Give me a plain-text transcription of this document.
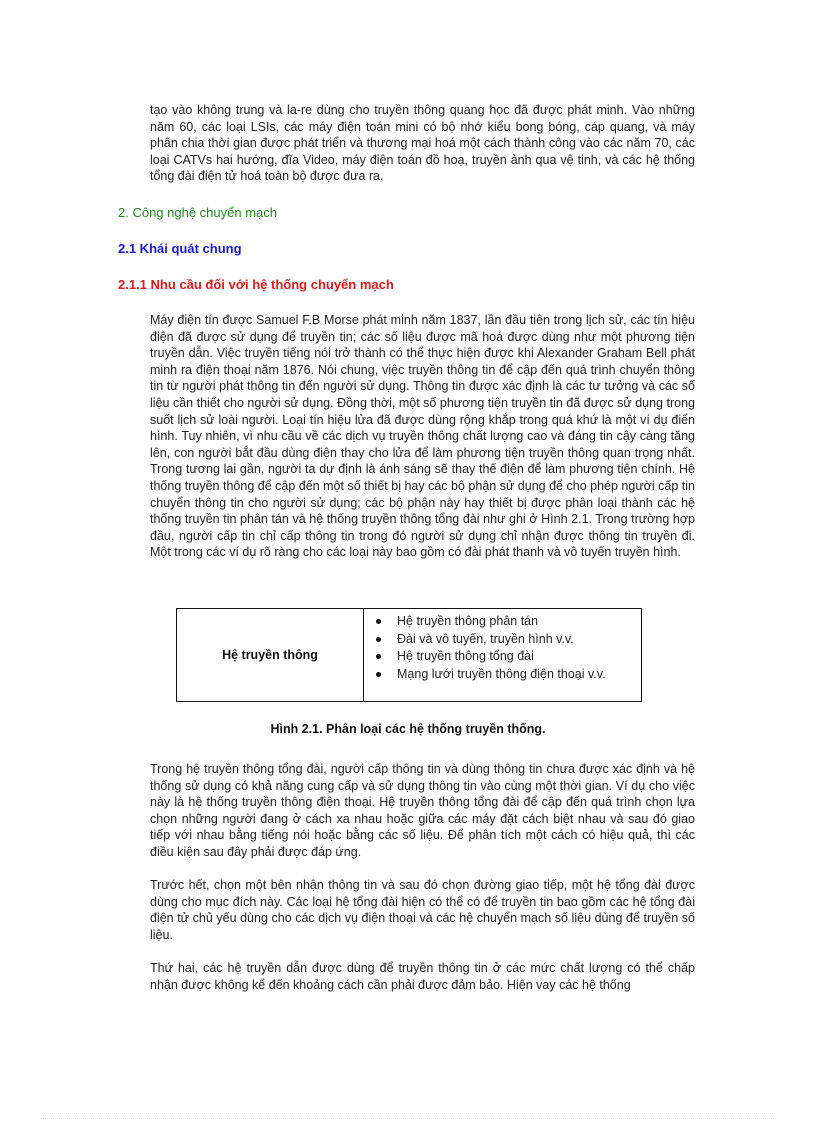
tạo vào không trung và la-re dùng cho truyền thông quang học đã được phát minh. Vào những năm 60, các loại LSIs, các máy điện toán mini có bộ nhớ kiểu bong bóng, cáp quang, và máy phân chia thời gian được phát triển và thương mại hoá một cách thành công vào các năm 70, các loại CATVs hai hướng, đĩa Video, máy điện toán đồ hoạ, truyền ảnh qua vệ tinh, và các hệ thống tổng đài điện tử hoá toàn bộ được đưa ra.

2. Công nghệ chuyển mạch

2.1 Khái quát chung

2.1.1 Nhu cầu đối với hệ thống chuyển mạch

Máy điện tín được Samuel F.B Morse phát minh năm 1837, lần đầu tiên trong lịch sử, các tín hiệu điện đã được sử dụng để truyền tin; các số liệu được mã hoá được dùng như một phương tiện truyền dẫn. Việc truyền tiếng nói trở thành có thể thực hiện được khi Alexander Graham Bell phát minh ra điện thoại năm 1876. Nói chung, việc truyền thông tin để cập đến quá trình chuyển thông tin từ người phát thông tin đến người sử dụng. Thông tin được xác định là các tư tưởng và các số liệu cần thiết cho người sử dụng. Đồng thời, một số phương tiện truyền tin đã được sử dụng trong suốt lịch sử loài người. Loại tín hiệu lửa đã được dùng rộng khắp trong quá khứ là một ví dụ điển hình. Tuy nhiên, vì nhu cầu về các dịch vụ truyền thông chất lượng cao và đáng tin cậy càng tăng lên, con người bắt đầu dùng điện thay cho lửa để làm phương tiện truyền thông quan trọng nhất. Trong tương lai gần, người ta dự định là ánh sáng sẽ thay thế điện để làm phương tiện chính. Hệ thống truyền thông để cập đến một số thiết bị hay các bộ phận sử dụng để cho phép người cấp tin chuyển thông tin cho người sử dụng; các bộ phận này hay thiết bị được phân loại thành các hệ thống truyền tin phân tán và hệ thống truyền thông tổng đài như ghi ở Hình 2.1. Trong trường hợp đầu, người cấp tin chỉ cấp thông tin trong đó người sử dụng chỉ nhận được thông tin truyền đi. Một trong các ví dụ rõ ràng cho các loại này bao gồm có đài phát thanh và vô tuyến truyền hình.

Hệ truyền thông
Hệ truyền thông phân tán
Đài và vô tuyến, truyền hình v.v.
Hệ truyền thông tổng đài
Mạng lưới truyền thông điện thoại v.v.

Hình 2.1. Phân loại các hệ thống truyền thống.

Trong hệ truyền thông tổng đài, người cấp thông tin và dùng thông tin chưa được xác định và hệ thống sử dụng có khả năng cung cấp và sử dụng thông tin vào cùng một thời gian. Ví dụ cho việc này là hệ thống truyền thông điện thoại. Hệ truyền thông tổng đài để cập đến quá trình chọn lựa chọn những người đang ở cách xa nhau hoặc giữa các máy đặt cách biệt nhau và sau đó giao tiếp với nhau bằng tiếng nói hoặc bằng các số liệu. Để phân tích một cách có hiệu quả, thì các điều kiện sau đây phải được đáp ứng.

Trước hết, chọn một bên nhận thông tin và sau đó chọn đường giao tiếp, một hệ tổng đài được dùng cho mục đích này. Các loại hệ tổng đài hiện có thể có để truyền tin bao gồm các hệ tổng đài điện tử chủ yếu dùng cho các dịch vụ điện thoại và các hệ chuyển mạch số liệu dùng để truyền số liệu.

Thứ hai, các hệ truyền dẫn được dùng để truyền thông tin ở các mức chất lượng có thể chấp nhận được không kể đến khoảng cách cần phải được đảm bảo. Hiện vay các hệ thống
